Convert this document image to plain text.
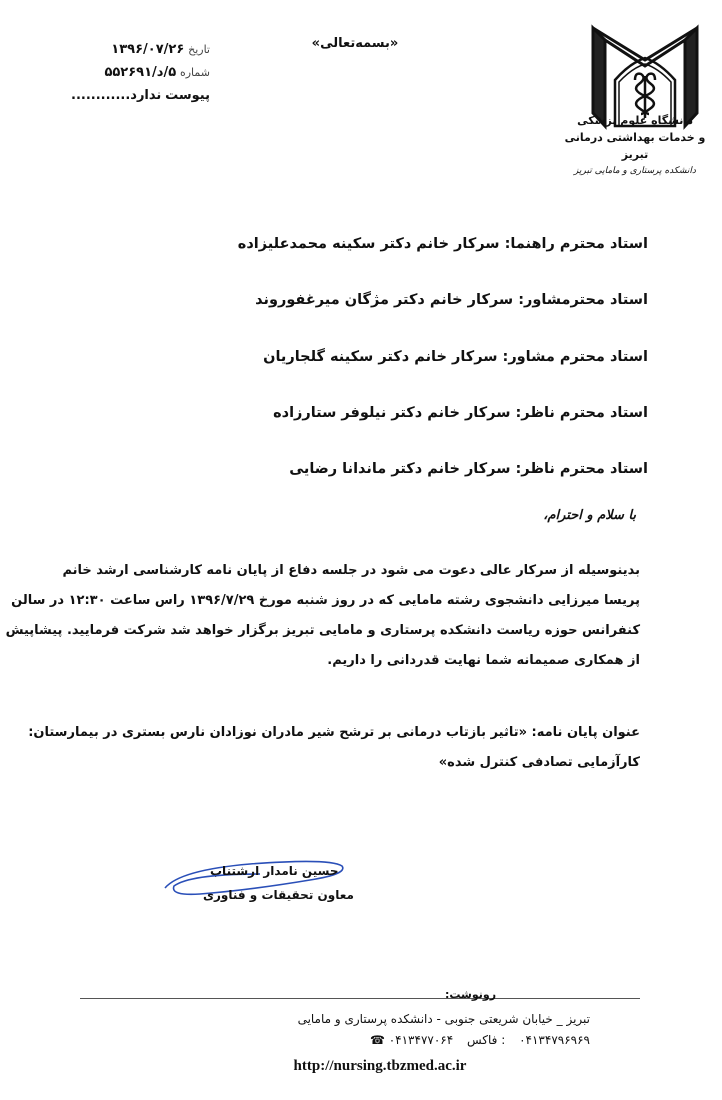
تاریخ ۱۳۹۶/۰۷/۲۶
شماره ۵/د/۵۵۲۶۹۱
پیوست ندارد............
«بسمه‌تعالی»
دانشگاه علوم پزشکی
و خدمات بهداشتی درمانی تبریز
دانشکده پرستاری و مامایی تبریز
استاد محترم راهنما: سرکار خانم دکتر سکینه محمدعلیزاده
استاد محترمشاور: سرکار خانم دکتر مژگان میرغفوروند
استاد محترم مشاور: سرکار خانم دکتر سکینه گلجاریان
استاد محترم ناظر: سرکار خانم دکتر نیلوفر ستارزاده
استاد محترم ناظر: سرکار خانم دکتر ماندانا رضایی
با سلام و احترام،

بدینوسیله از سرکار عالی دعوت می شود در جلسه دفاع از پایان نامه کارشناسی ارشد خانم

پریسا میرزایی دانشجوی رشته مامایی که در روز شنبه مورخ ۱۳۹۶/۷/۲۹ راس ساعت ۱۲:۳۰ در سالن

کنفرانس حوزه ریاست دانشکده پرستاری و مامایی تبریز برگزار خواهد شد شرکت فرمایید. پیشاپیش

از همکاری صمیمانه شما نهایت قدردانی را داریم.

عنوان پایان نامه: «تاثیر بازتاب درمانی بر ترشح شیر مادران نوزادان نارس بستری در بیمارستان:

کارآزمایی تصادفی کنترل شده»

حسین نامدار ارشتناب
معاون تحقیقات و فناوری
رونوشت:
تبریز _ خیابان شریعتی جنوبی - دانشکده پرستاری و مامایی
۰۴۱۳۴۷۹۶۹۶۹ : فاکس ۰۴۱۳۴۷۷۰۶۴ ☎
http://nursing.tbzmed.ac.ir
